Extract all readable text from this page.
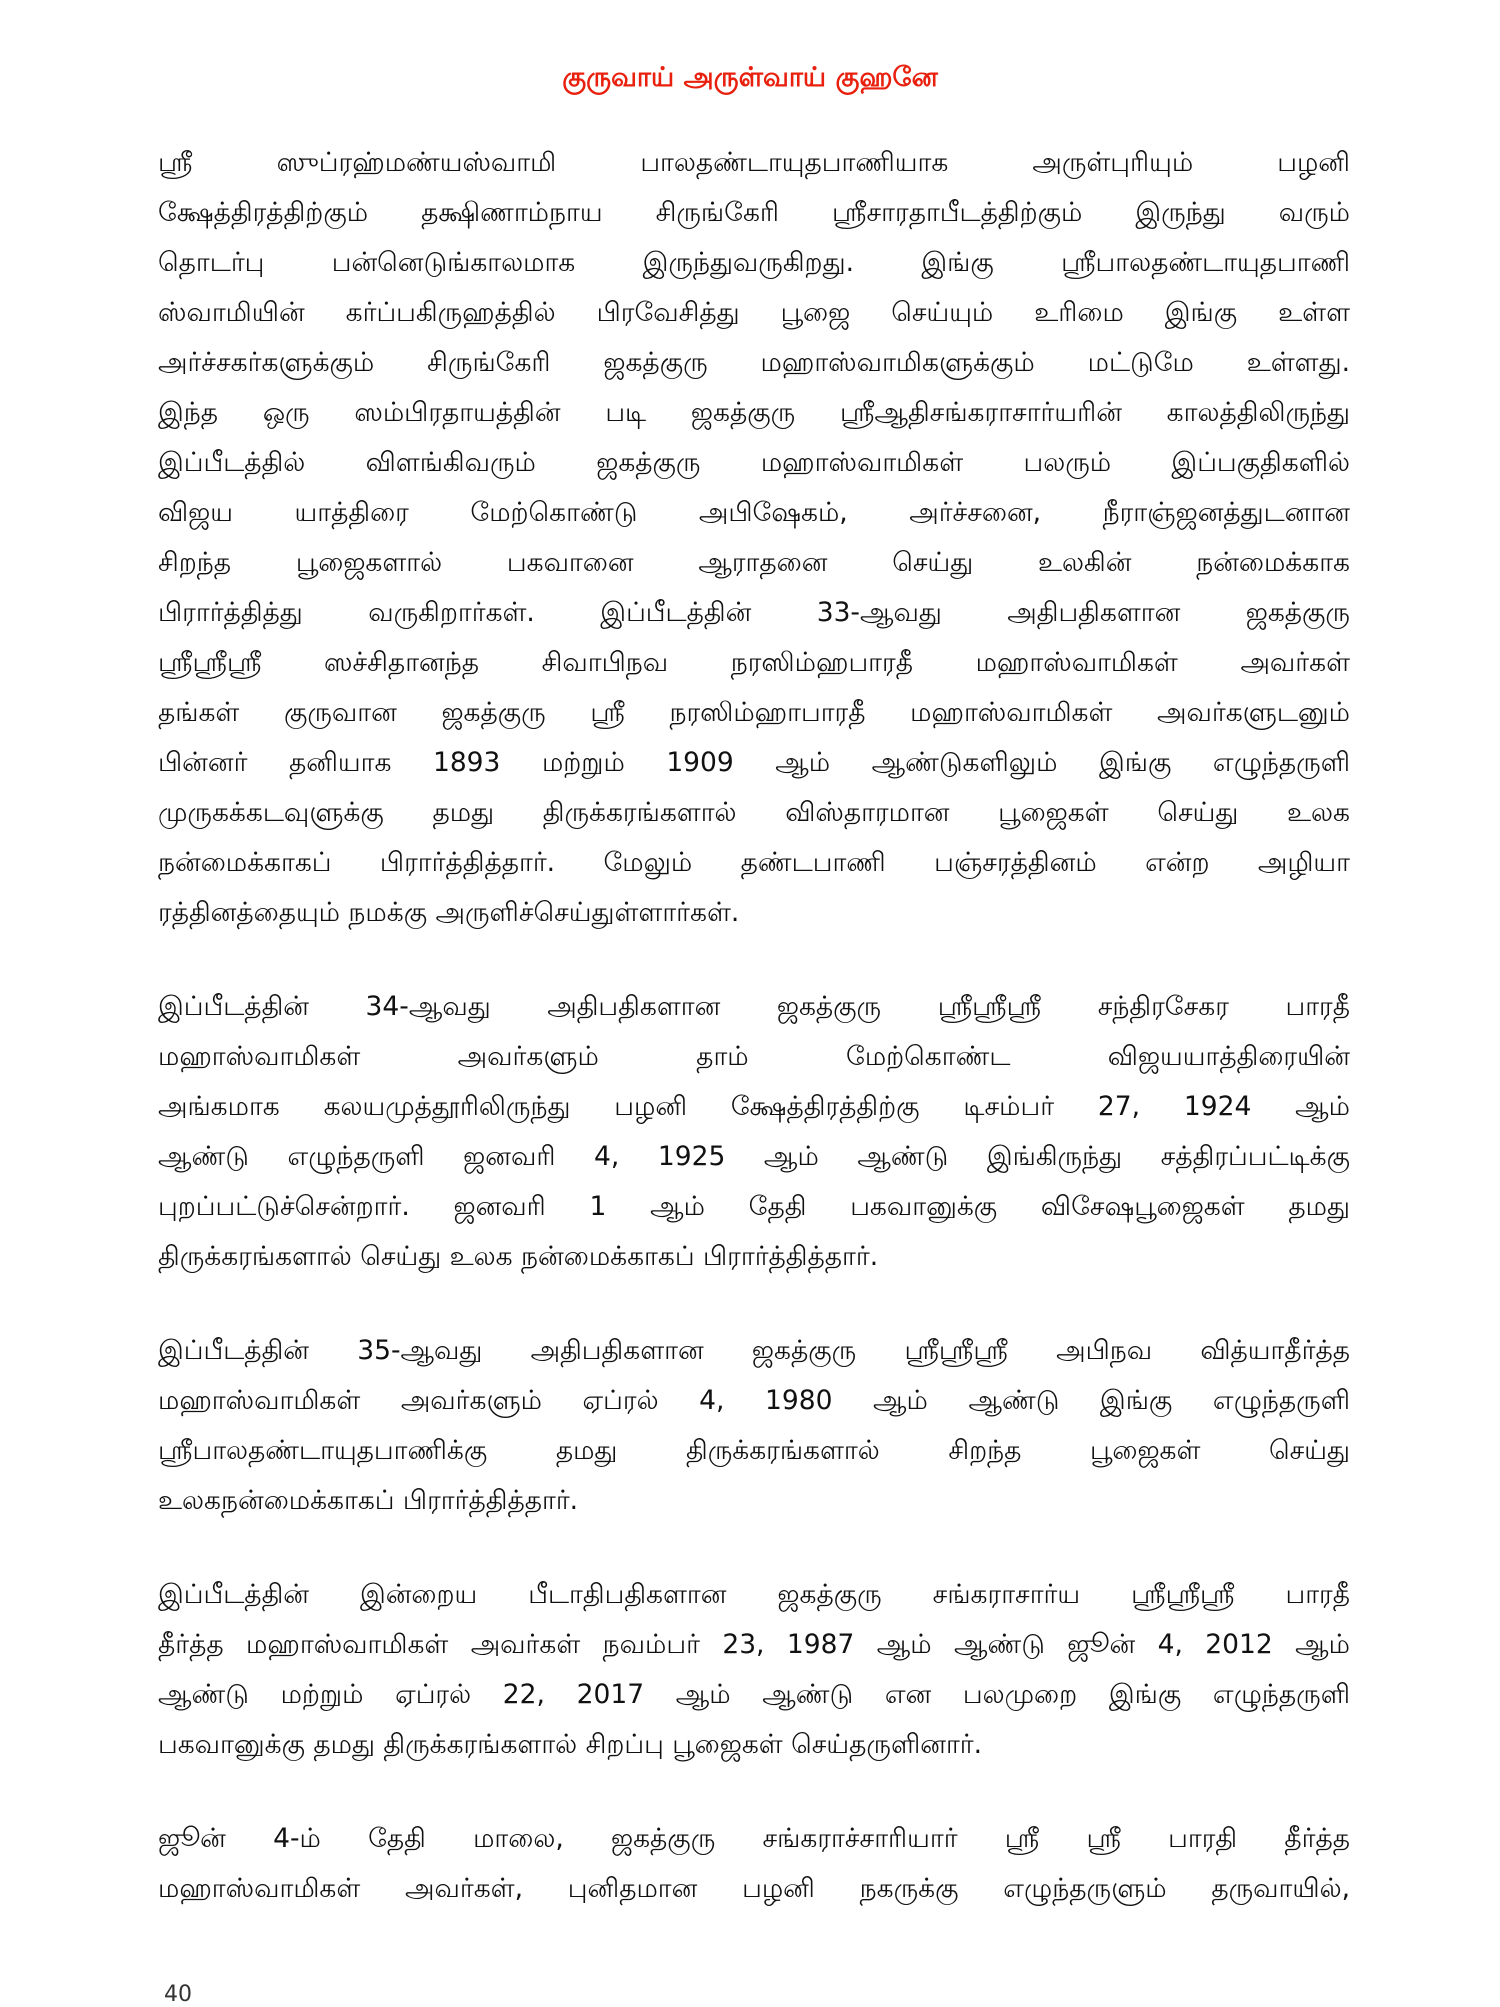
குருவாய் அருள்வாய் குஹனே
ஸ்ரீ ஸுப்ரஹ்மண்யஸ்வாமி பாலதண்டாயுதபாணியாக அருள்புரியும் பழனி
க்ஷேத்திரத்திற்கும் தக்ஷிணாம்நாய சிருங்கேரி ஸ்ரீசாரதாபீடத்திற்கும் இருந்து வரும்
தொடர்பு பன்னெடுங்காலமாக இருந்துவருகிறது. இங்கு ஸ்ரீபாலதண்டாயுதபாணி
ஸ்வாமியின் கர்ப்பகிருஹத்தில் பிரவேசித்து பூஜை செய்யும் உரிமை இங்கு உள்ள
அர்ச்சகர்களுக்கும் சிருங்கேரி ஜகத்குரு மஹாஸ்வாமிகளுக்கும் மட்டுமே உள்ளது.
இந்த ஒரு ஸம்பிரதாயத்தின் படி ஜகத்குரு ஸ்ரீஆதிசங்கராசார்யரின் காலத்திலிருந்து
இப்பீடத்தில் விளங்கிவரும் ஜகத்குரு மஹாஸ்வாமிகள் பலரும் இப்பகுதிகளில்
விஜய யாத்திரை மேற்கொண்டு அபிஷேகம், அர்ச்சனை, நீராஞ்ஜனத்துடனான
சிறந்த பூஜைகளால் பகவானை ஆராதனை செய்து உலகின் நன்மைக்காக
பிரார்த்தித்து வருகிறார்கள். இப்பீடத்தின் 33-ஆவது அதிபதிகளான ஜகத்குரு
ஸ்ரீஸ்ரீஸ்ரீ ஸச்சிதானந்த சிவாபிநவ நரஸிம்ஹபாரதீ மஹாஸ்வாமிகள் அவர்கள்
தங்கள் குருவான ஜகத்குரு ஸ்ரீ நரஸிம்ஹாபாரதீ மஹாஸ்வாமிகள் அவர்களுடனும்
பின்னர் தனியாக 1893 மற்றும் 1909 ஆம் ஆண்டுகளிலும் இங்கு எழுந்தருளி
முருகக்கடவுளுக்கு தமது திருக்கரங்களால் விஸ்தாரமான பூஜைகள் செய்து உலக
நன்மைக்காகப் பிரார்த்தித்தார். மேலும் தண்டபாணி பஞ்சரத்தினம் என்ற அழியா
ரத்தினத்தையும் நமக்கு அருளிச்செய்துள்ளார்கள்.
இப்பீடத்தின் 34-ஆவது அதிபதிகளான ஜகத்குரு ஸ்ரீஸ்ரீஸ்ரீ சந்திரசேகர பாரதீ
மஹாஸ்வாமிகள் அவர்களும் தாம் மேற்கொண்ட விஜயயாத்திரையின்
அங்கமாக கலயமுத்தூரிலிருந்து பழனி க்ஷேத்திரத்திற்கு டிசம்பர் 27, 1924 ஆம்
ஆண்டு எழுந்தருளி ஜனவரி 4, 1925 ஆம் ஆண்டு இங்கிருந்து சத்திரப்பட்டிக்கு
புறப்பட்டுச்சென்றார். ஜனவரி 1 ஆம் தேதி பகவானுக்கு விசேஷபூஜைகள் தமது
திருக்கரங்களால் செய்து உலக நன்மைக்காகப் பிரார்த்தித்தார்.
இப்பீடத்தின் 35-ஆவது அதிபதிகளான ஜகத்குரு ஸ்ரீஸ்ரீஸ்ரீ அபிநவ வித்யாதீர்த்த
மஹாஸ்வாமிகள் அவர்களும் ஏப்ரல் 4, 1980 ஆம் ஆண்டு இங்கு எழுந்தருளி
ஸ்ரீபாலதண்டாயுதபாணிக்கு தமது திருக்கரங்களால் சிறந்த பூஜைகள் செய்து
உலகநன்மைக்காகப் பிரார்த்தித்தார்.
இப்பீடத்தின் இன்றைய பீடாதிபதிகளான ஜகத்குரு சங்கராசார்ய ஸ்ரீஸ்ரீஸ்ரீ பாரதீ
தீர்த்த மஹாஸ்வாமிகள் அவர்கள் நவம்பர் 23, 1987 ஆம் ஆண்டு ஜூன் 4, 2012 ஆம்
ஆண்டு மற்றும் ஏப்ரல் 22, 2017 ஆம் ஆண்டு என பலமுறை இங்கு எழுந்தருளி
பகவானுக்கு தமது திருக்கரங்களால் சிறப்பு பூஜைகள் செய்தருளினார்.
ஜூன் 4-ம் தேதி மாலை, ஜகத்குரு சங்கராச்சாரியார் ஸ்ரீ ஸ்ரீ பாரதி தீர்த்த
மஹாஸ்வாமிகள் அவர்கள், புனிதமான பழனி நகருக்கு எழுந்தருளும் தருவாயில்,
40
